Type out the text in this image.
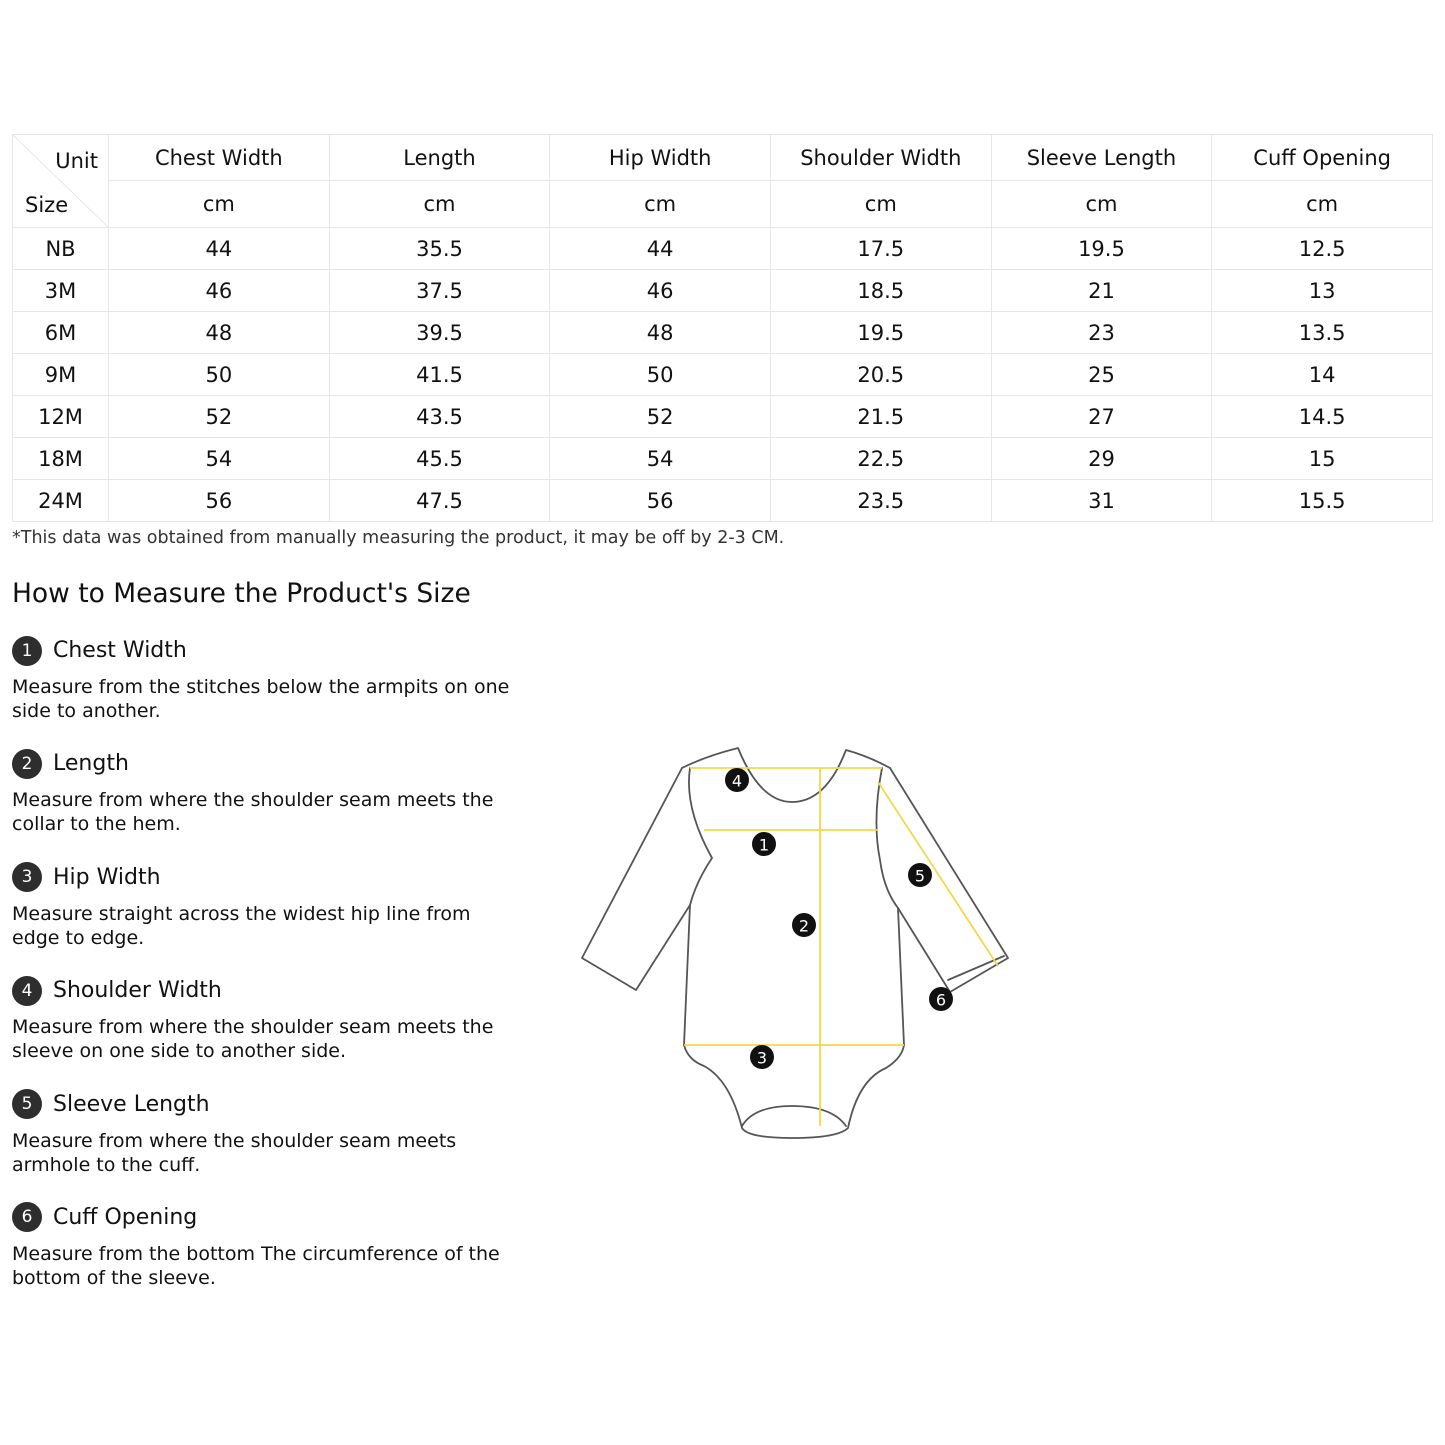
Unit
Size	Chest Width	Length	Hip Width	Shoulder Width	Sleeve Length	Cuff Opening
	cm	cm	cm	cm	cm	cm
NB	44	35.5	44	17.5	19.5	12.5
3M	46	37.5	46	18.5	21	13
6M	48	39.5	48	19.5	23	13.5
9M	50	41.5	50	20.5	25	14
12M	52	43.5	52	21.5	27	14.5
18M	54	45.5	54	22.5	29	15
24M	56	47.5	56	23.5	31	15.5
*This data was obtained from manually measuring the product, it may be off by 2-3 CM.
How to Measure the Product's Size
1 Chest Width
Measure from the stitches below the armpits on one side to another.
2 Length
Measure from where the shoulder seam meets the collar to the hem.
3 Hip Width
Measure straight across the widest hip line from edge to edge.
4 Shoulder Width
Measure from where the shoulder seam meets the sleeve on one side to another side.
5 Sleeve Length
Measure from where the shoulder seam meets armhole to the cuff.
6 Cuff Opening
Measure from the bottom The circumference of the bottom of the sleeve.
4
1
2
5
6
3
